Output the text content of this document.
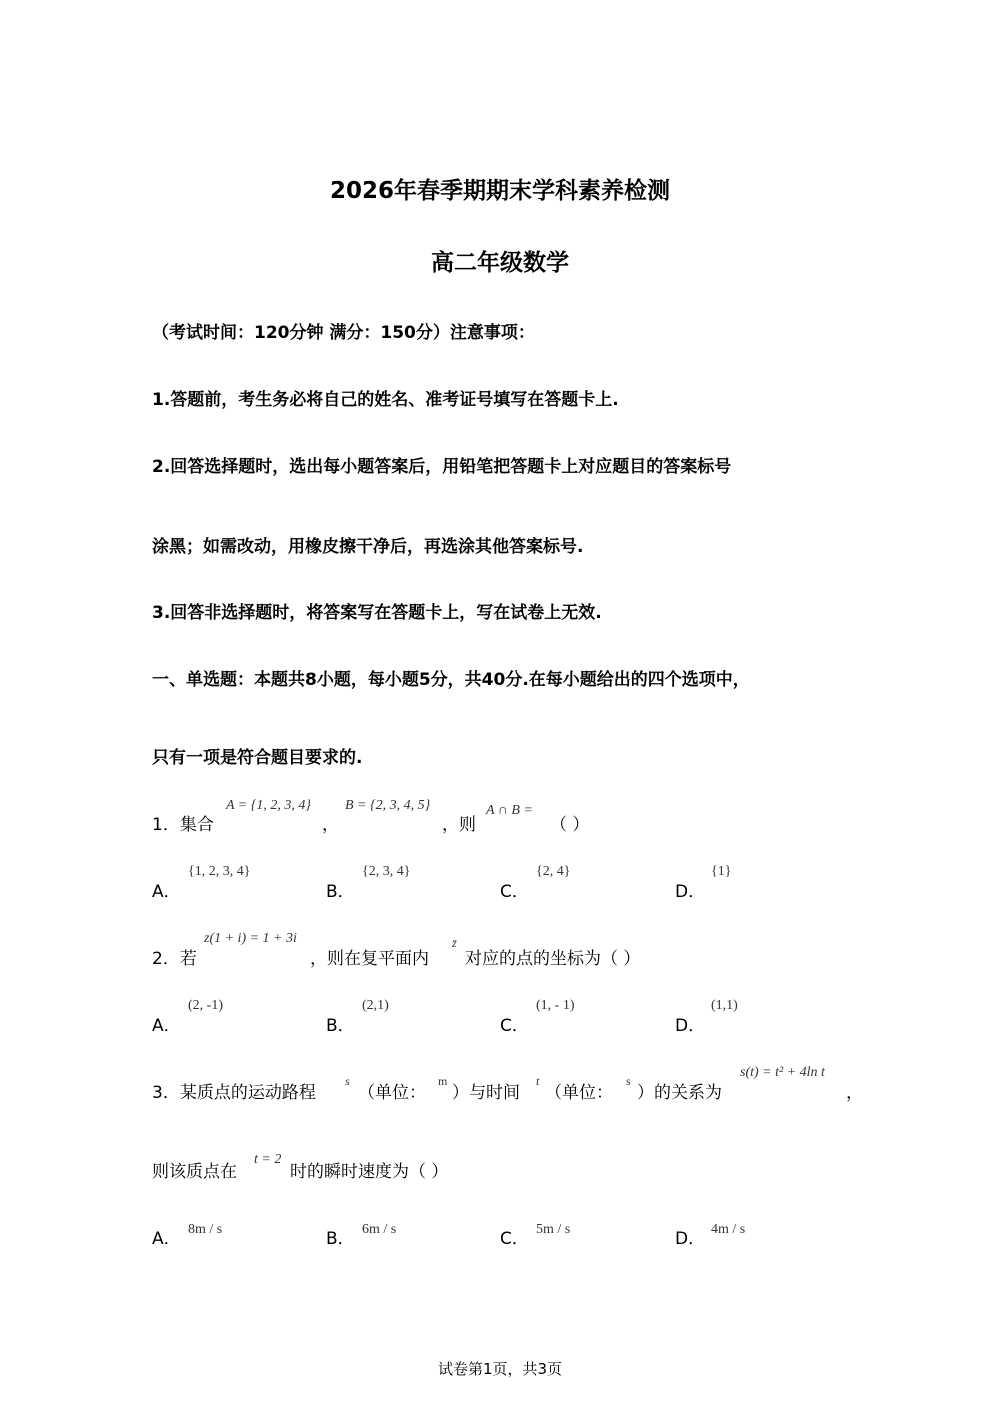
2026年春季期期末学科素养检测
高二年级数学
（考试时间：120分钟 满分：150分）注意事项：
1.答题前，考生务必将自己的姓名、准考证号填写在答题卡上.
2.回答选择题时，选出每小题答案后，用铅笔把答题卡上对应题目的答案标号
涂黑；如需改动，用橡皮擦干净后，再选涂其他答案标号.
3.回答非选择题时，将答案写在答题卡上，写在试卷上无效.
一、单选题：本题共8小题，每小题5分，共40分.在每小题给出的四个选项中，
只有一项是符合题目要求的.
1．集合
A = {1, 2, 3, 4}
，
B = {2, 3, 4, 5}
，则
A ∩ B =
（ ）
A．
{1, 2, 3, 4}
B．
{2, 3, 4}
C．
{2, 4}
D．
{1}
2．若
z(1 + i) = 1 + 3i
，则在复平面内
z̄
对应的点的坐标为（ ）
A．
(2, -1)
B．
(2,1)
C．
(1, - 1)
D．
(1,1)
3．某质点的运动路程
s
（单位：
m
）与时间
t
（单位：
s
）的关系为
s(t) = t² + 4ln t
，
则该质点在
t = 2
时的瞬时速度为（ ）
A． 8m / s	B． 6m / s	C． 5m / s	D． 4m / s
试卷第1页，共3页
